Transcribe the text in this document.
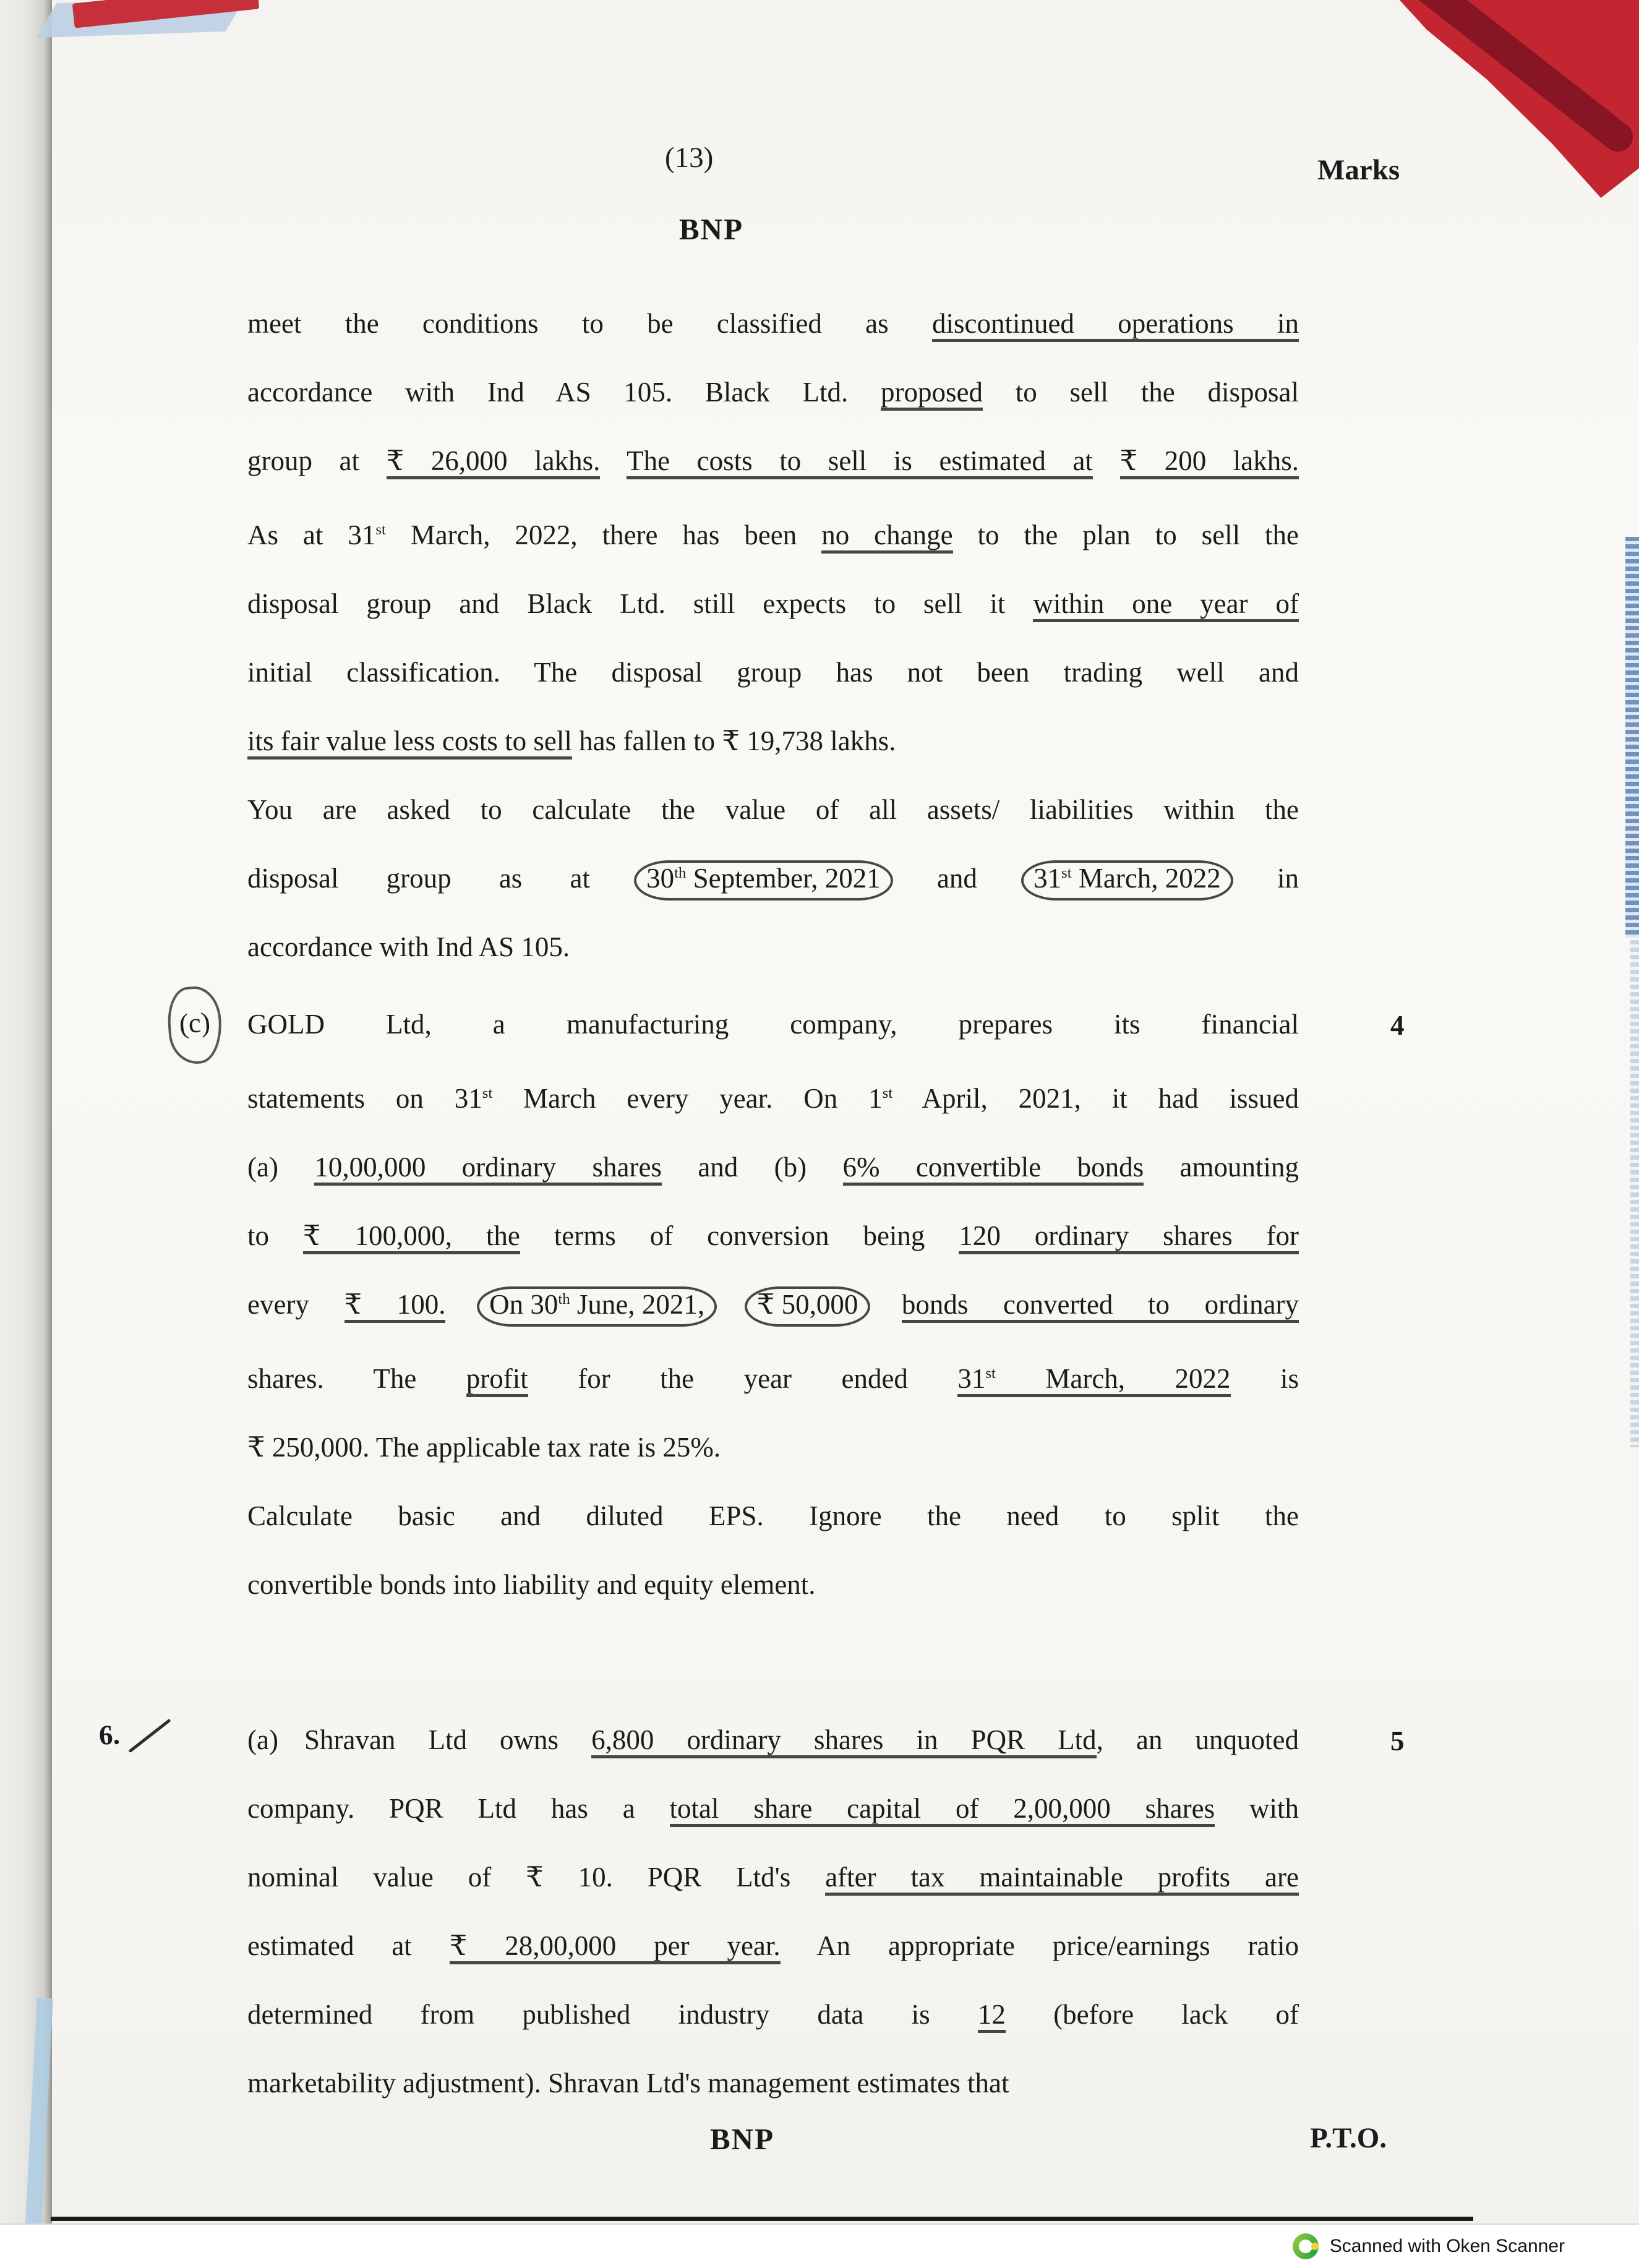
(13)	Marks
BNP
meet the conditions to be classified as discontinued operations in
accordance with Ind AS 105. Black Ltd. proposed to sell the disposal
group at ₹ 26,000 lakhs. The costs to sell is estimated at ₹ 200 lakhs.
As at 31st March, 2022, there has been no change to the plan to sell the
disposal group and Black Ltd. still expects to sell it within one year of
initial classification. The disposal group has not been trading well and
its fair value less costs to sell has fallen to ₹ 19,738 lakhs.
You are asked to calculate the value of all assets/ liabilities within the
disposal group as at 30th September, 2021 and 31st March, 2022 in
accordance with Ind AS 105.
(c)	4
GOLD Ltd, a manufacturing company, prepares its financial
statements on 31st March every year. On 1st April, 2021, it had issued
(a) 10,00,000 ordinary shares and (b) 6% convertible bonds amounting
to ₹ 100,000, the terms of conversion being 120 ordinary shares for
every ₹ 100. On 30th June, 2021, ₹ 50,000 bonds converted to ordinary
shares. The profit for the year ended 31st March, 2022 is
₹ 250,000. The applicable tax rate is 25%.
Calculate basic and diluted EPS. Ignore the need to split the
convertible bonds into liability and equity element.
6.	5
(a) Shravan Ltd owns 6,800 ordinary shares in PQR Ltd, an unquoted
company. PQR Ltd has a total share capital of 2,00,000 shares with
nominal value of ₹ 10. PQR Ltd's after tax maintainable profits are
estimated at ₹ 28,00,000 per year. An appropriate price/earnings ratio
determined from published industry data is 12 (before lack of
marketability adjustment). Shravan Ltd's management estimates that
BNP	P.T.O.
Scanned with Oken Scanner
